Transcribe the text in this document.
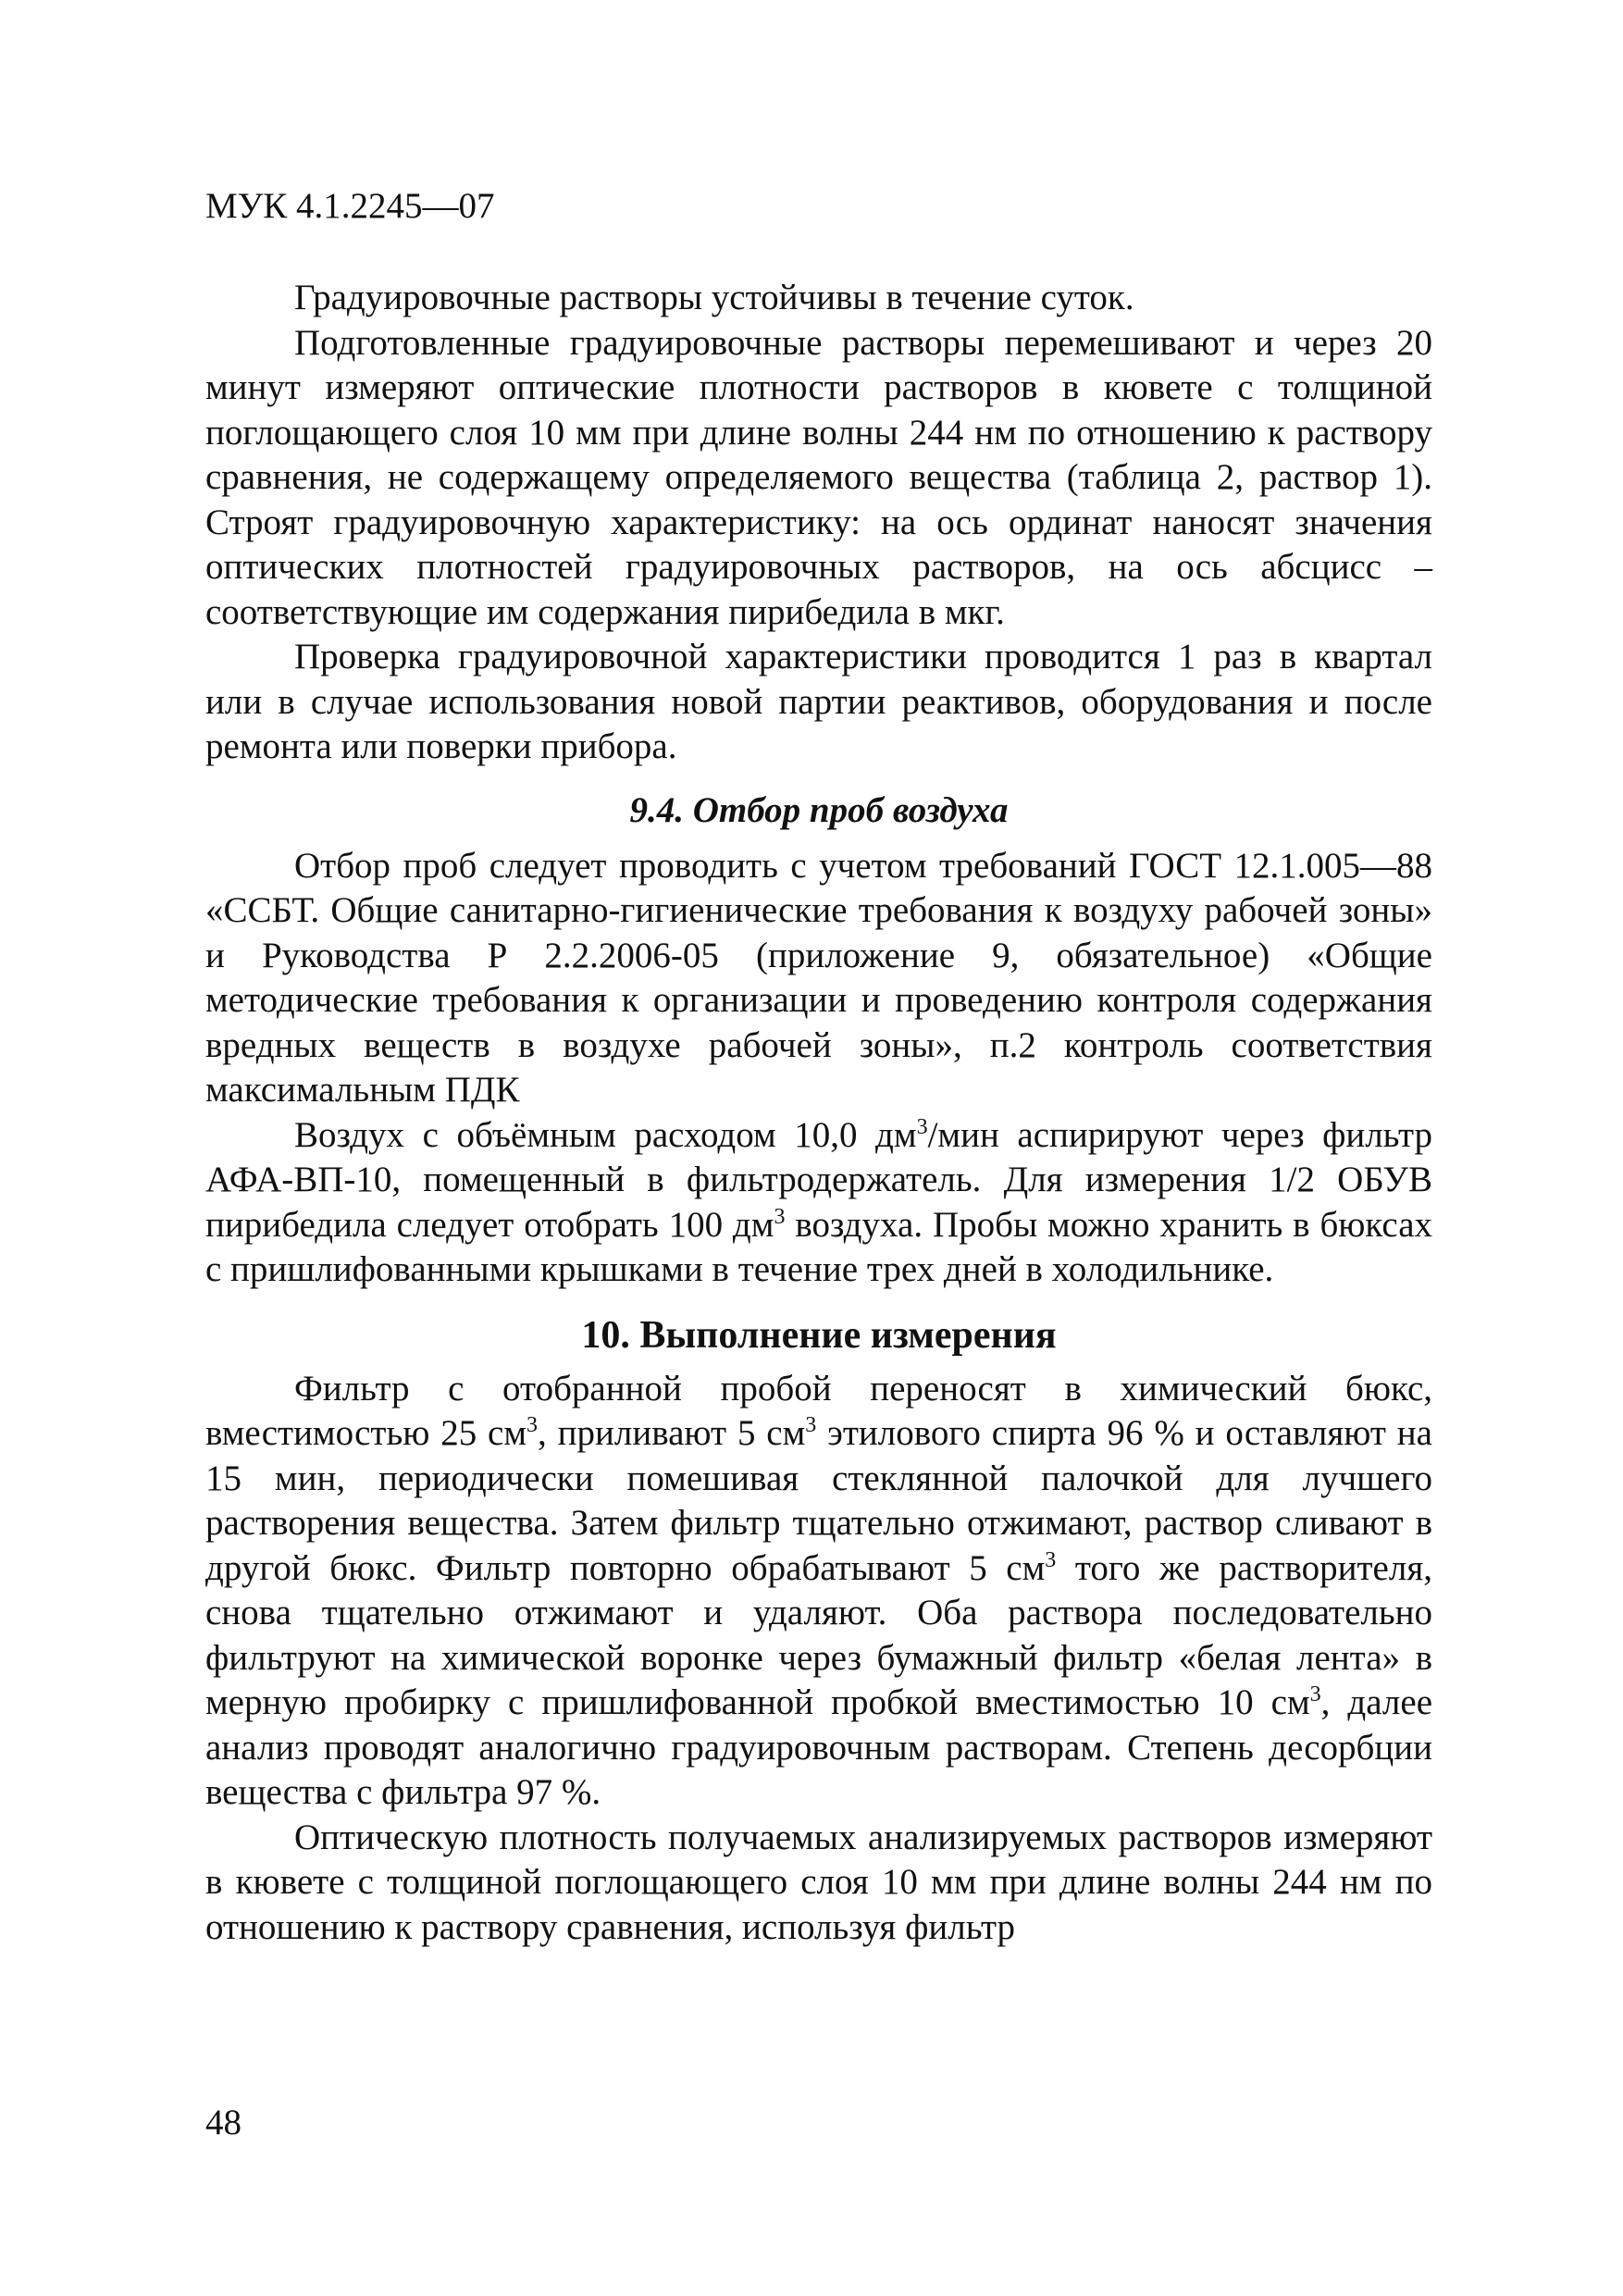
МУК 4.1.2245—07

Градуировочные растворы устойчивы в течение суток.

Подготовленные градуировочные растворы перемешивают и через 20 минут измеряют оптические плотности растворов в кювете с толщиной поглощающего слоя 10 мм при длине волны 244 нм по отношению к раствору сравнения, не содержащему определяемого вещества (таблица 2, раствор 1). Строят градуировочную характеристику: на ось ординат наносят значения оптических плотностей градуировочных растворов, на ось абсцисс – соответствующие им содержания пирибедила в мкг.

Проверка градуировочной характеристики проводится 1 раз в квартал или в случае использования новой партии реактивов, оборудования и после ремонта или поверки прибора.

9.4. Отбор проб воздуха

Отбор проб следует проводить с учетом требований ГОСТ 12.1.005—88 «ССБТ. Общие санитарно-гигиенические требования к воздуху рабочей зоны» и Руководства Р 2.2.2006-05 (приложение 9, обязательное) «Общие методические требования к организации и проведению контроля содержания вредных веществ в воздухе рабочей зоны», п.2 контроль соответствия максимальным ПДК

Воздух с объёмным расходом 10,0 $дм^3$/мин аспирируют через фильтр АФА-ВП-10, помещенный в фильтродержатель. Для измерения 1/2 ОБУВ пирибедила следует отобрать 100 $дм^3$ воздуха. Пробы можно хранить в бюксах с пришлифованными крышками в течение трех дней в холодильнике.

10. Выполнение измерения

Фильтр с отобранной пробой переносят в химический бюкс, вместимостью 25 $см^3$, приливают 5 $см^3$ этилового спирта 96 % и оставляют на 15 мин, периодически помешивая стеклянной палочкой для лучшего растворения вещества. Затем фильтр тщательно отжимают, раствор сливают в другой бюкс. Фильтр повторно обрабатывают 5 $см^3$ того же растворителя, снова тщательно отжимают и удаляют. Оба раствора последовательно фильтруют на химической воронке через бумажный фильтр «белая лента» в мерную пробирку с пришлифованной пробкой вместимостью 10 $см^3$, далее анализ проводят аналогично градуировочным растворам. Степень десорбции вещества с фильтра 97 %.

Оптическую плотность получаемых анализируемых растворов измеряют в кювете с толщиной поглощающего слоя 10 мм при длине волны 244 нм по отношению к раствору сравнения, используя фильтр

48
